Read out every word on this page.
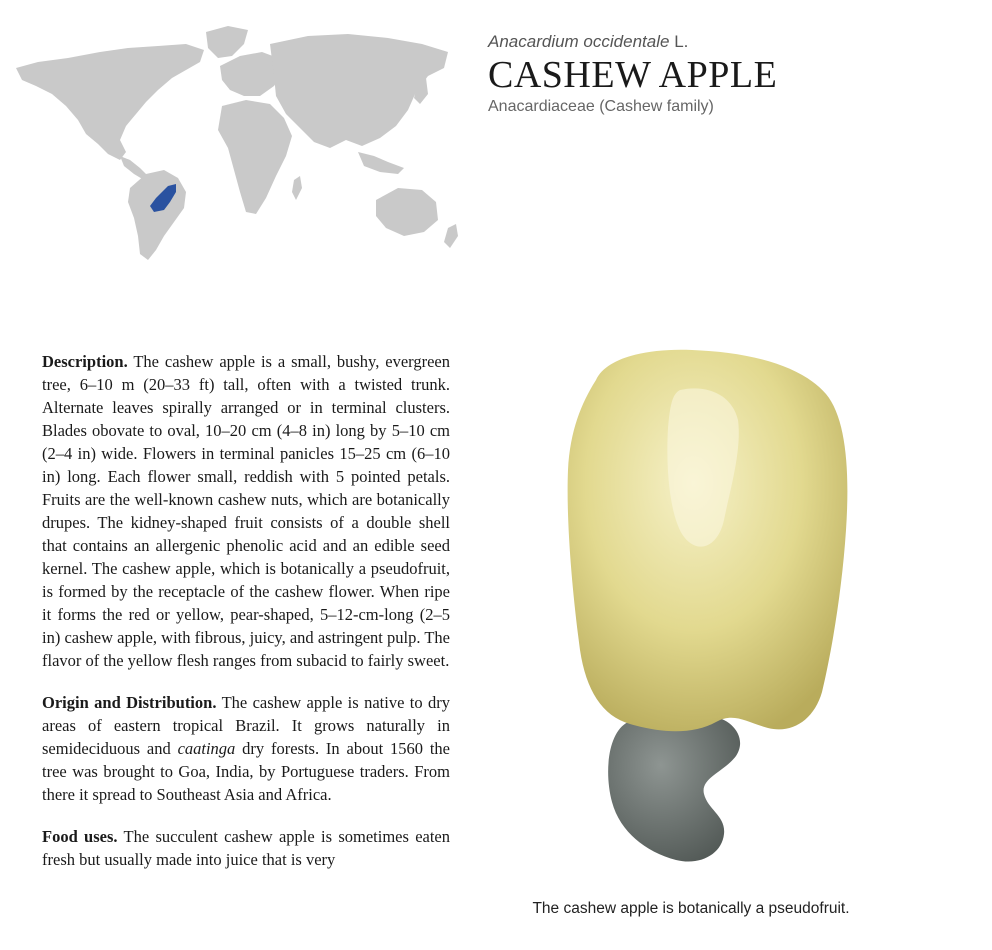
Anacardium occidentale L.
CASHEW APPLE
Anacardiaceae (Cashew family)

Description. The cashew apple is a small, bushy, evergreen tree, 6–10 m (20–33 ft) tall, often with a twisted trunk. Alternate leaves spirally arranged or in terminal clusters. Blades obovate to oval, 10–20 cm (4–8 in) long by 5–10 cm (2–4 in) wide. Flowers in terminal panicles 15–25 cm (6–10 in) long. Each flower small, reddish with 5 pointed petals. Fruits are the well-known cashew nuts, which are botanically drupes. The kidney-shaped fruit consists of a double shell that contains an allergenic phenolic acid and an edible seed kernel. The cashew apple, which is botanically a pseudofruit, is formed by the receptacle of the cashew flower. When ripe it forms the red or yellow, pear-shaped, 5–12-cm-long (2–5 in) cashew apple, with fibrous, juicy, and astringent pulp. The flavor of the yellow flesh ranges from subacid to fairly sweet.

Origin and Distribution. The cashew apple is native to dry areas of eastern tropical Brazil. It grows naturally in semideciduous and caatinga dry forests. In about 1560 the tree was brought to Goa, India, by Portuguese traders. From there it spread to Southeast Asia and Africa.

Food uses. The succulent cashew apple is sometimes eaten fresh but usually made into juice that is very

The cashew apple is botanically a pseudofruit.
